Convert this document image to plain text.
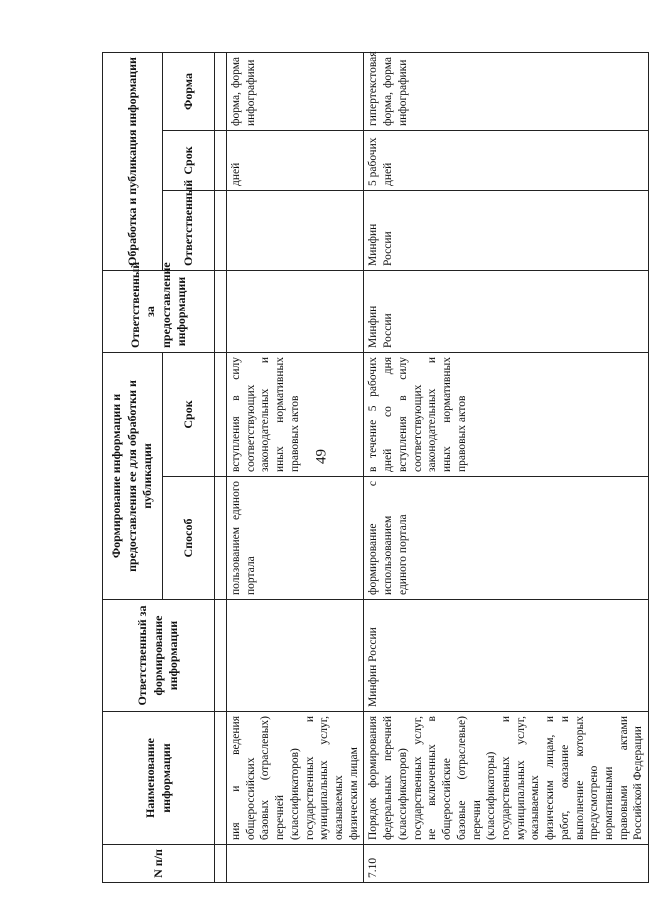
49
N п/п	Наименование информации	Ответственный за формирование информации	Формирование информации и предоставления ее для обработки и публикации		Ответственный за предоставление информации	Обработка и публикация информации		
			Способ	Срок		Ответственный	Срок	Форма

	ния и ведения общероссийских базовых (отраслевых) перечней (классификаторов) государственных и муниципальных услуг, оказываемых физическим лицам		пользованием единого портала	вступления в силу соответствующих законодательных и иных нормативных правовых актов			дней	форма, форма инфографики
7.10	Порядок формирования федеральных перечней (классификаторов) государственных услуг, не включенных в общероссийские базовые (отраслевые) перечни (классификаторы) государственных и муниципальных услуг, оказываемых физическим лицам, и работ, оказание и выполнение которых предусмотрено нормативными правовыми актами Российской Федерации	Минфин России	формирование с использованием единого портала	в течение 5 рабочих дней со дня вступления в силу соответствующих законодательных и иных нормативных правовых актов	Минфин России	Минфин России	5 рабочих дней	гипертекстовая форма, форма инфографики
